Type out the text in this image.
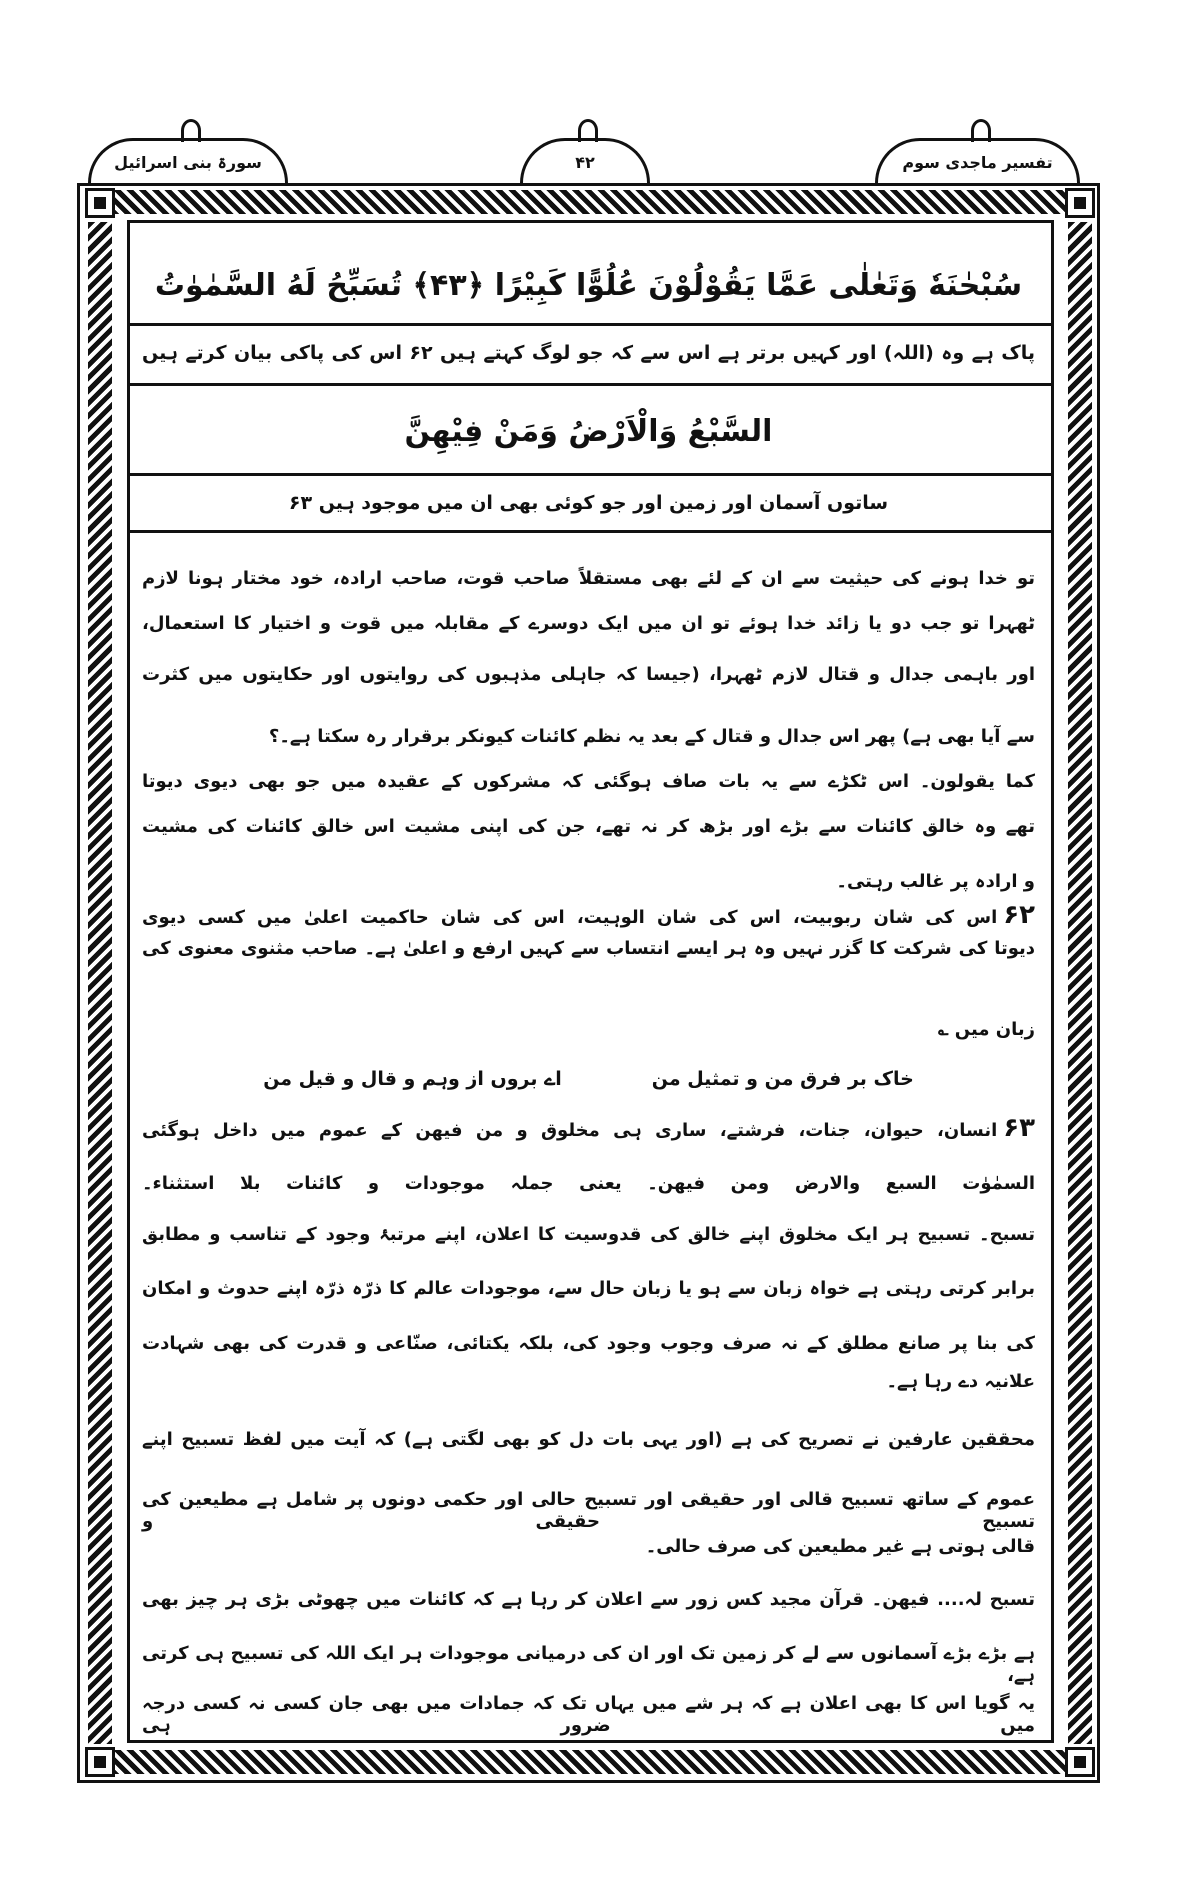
سورۃ بنی اسرائیل	۴۲	تفسیر ماجدی سوم
سُبْحٰنَهٗ وَتَعٰلٰى عَمَّا يَقُوْلُوْنَ عُلُوًّا كَبِيْرًا ﴿۴۳﴾ تُسَبِّحُ لَهُ السَّمٰوٰتُ
پاک ہے وہ (اللہ) اور کہیں برتر ہے اس سے کہ جو لوگ کہتے ہیں ۶۲ اس کی پاکی بیان کرتے ہیں
السَّبْعُ وَالْاَرْضُ وَمَنْ فِيْهِنَّ
ساتوں آسمان اور زمین اور جو کوئی بھی ان میں موجود ہیں ۶۳
تو خدا ہونے کی حیثیت سے ان کے لئے بھی مستقلاً صاحب قوت، صاحب ارادہ، خود مختار ہونا لازم
ٹھہرا تو جب دو یا زائد خدا ہوئے تو ان میں ایک دوسرے کے مقابلہ میں قوت و اختیار کا استعمال،
اور باہمی جدال و قتال لازم ٹھہرا، (جیسا کہ جاہلی مذہبوں کی روایتوں اور حکایتوں میں کثرت
سے آیا بھی ہے) پھر اس جدال و قتال کے بعد یہ نظم کائنات کیونکر برقرار رہ سکتا ہے۔؟
کما یقولون۔ اس ٹکڑے سے یہ بات صاف ہوگئی کہ مشرکوں کے عقیدہ میں جو بھی دیوی دیوتا
تھے وہ خالق کائنات سے بڑے اور بڑھ کر نہ تھے، جن کی اپنی مشیت اس خالق کائنات کی مشیت
و ارادہ پر غالب رہتی۔
۶۲اس کی شان ربوبیت، اس کی شان الوہیت، اس کی شان حاکمیت اعلیٰ میں کسی دیوی
دیوتا کی شرکت کا گزر نہیں وہ ہر ایسے انتساب سے کہیں ارفع و اعلیٰ ہے۔ صاحب مثنوی معنوی کی
زبان میں ؎
۶۳انسان، حیوان، جنات، فرشتے، ساری ہی مخلوق و من فیھن کے عموم میں داخل ہوگئی
السمٰوٰت السبع والارض ومن فیھن۔ یعنی جملہ موجودات و کائنات بلا استثناء۔
تسبح۔ تسبیح ہر ایک مخلوق اپنے خالق کی قدوسیت کا اعلان، اپنے مرتبۂ وجود کے تناسب و مطابق
برابر کرتی رہتی ہے خواہ زبان سے ہو یا زبان حال سے، موجودات عالم کا ذرّہ ذرّہ اپنے حدوث و امکان
کی بنا پر صانع مطلق کے نہ صرف وجوب وجود کی، بلکہ یکتائی، صنّاعی و قدرت کی بھی شہادت
علانیہ دے رہا ہے۔
محققین عارفین نے تصریح کی ہے (اور یہی بات دل کو بھی لگتی ہے) کہ آیت میں لفظ تسبیح اپنے
عموم کے ساتھ تسبیح قالی اور حقیقی اور تسبیح حالی اور حکمی دونوں پر شامل ہے مطیعین کی تسبیح حقیقی و
قالی ہوتی ہے غیر مطیعین کی صرف حالی۔
تسبح لہ.... فیھن۔ قرآن مجید کس زور سے اعلان کر رہا ہے کہ کائنات میں چھوٹی بڑی ہر چیز بھی
ہے بڑے بڑے آسمانوں سے لے کر زمین تک اور ان کی درمیانی موجودات ہر ایک اللہ کی تسبیح ہی کرتی ہے،
یہ گویا اس کا بھی اعلان ہے کہ ہر شے میں یہاں تک کہ جمادات میں بھی جان کسی نہ کسی درجہ میں ضرور ہی
خاک بر فرق من و تمثیل من
اے بروں از وہم و قال و قیل من
